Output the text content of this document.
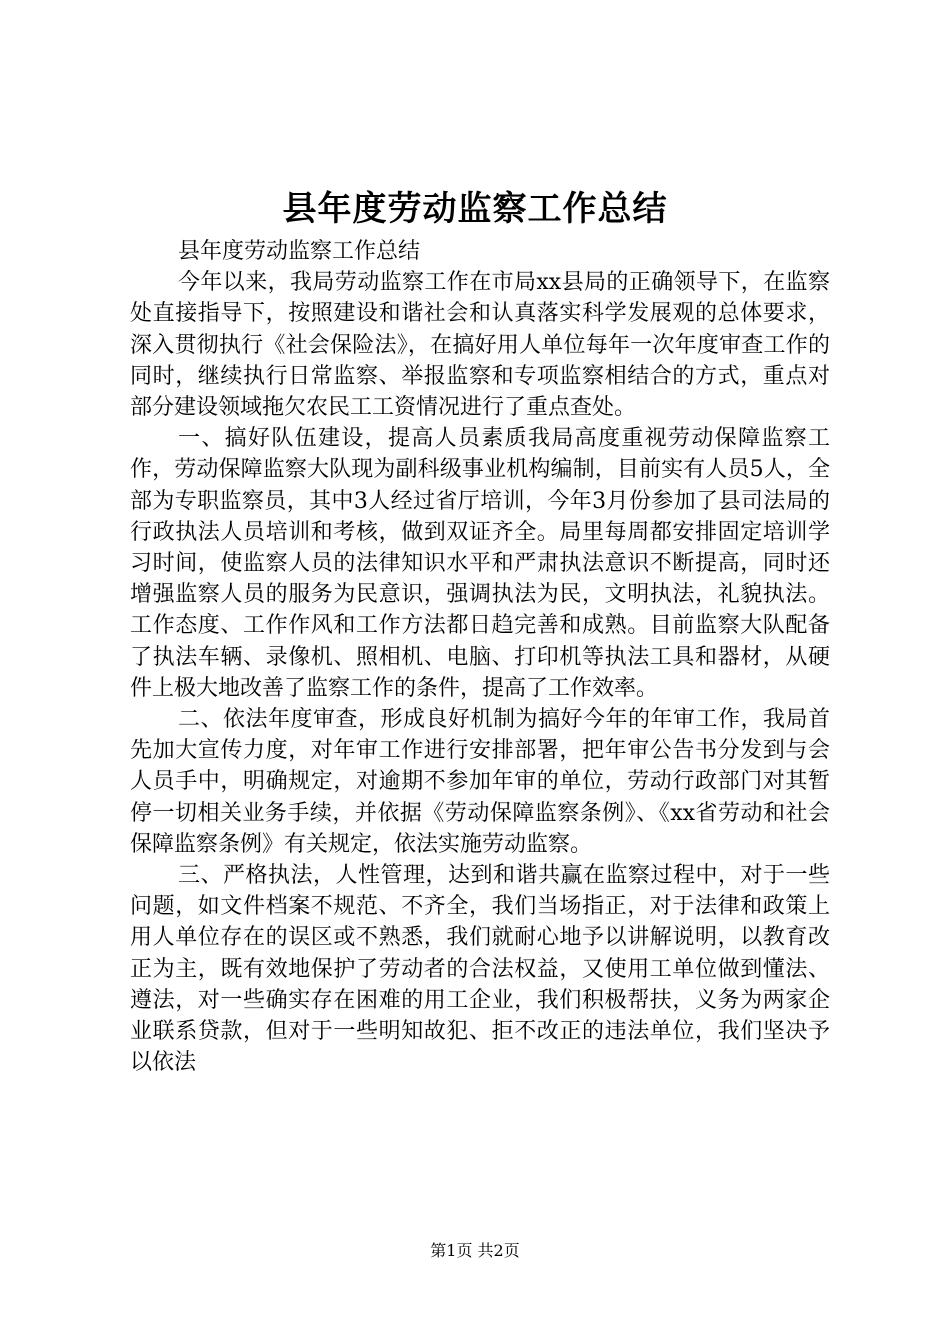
县年度劳动监察工作总结

县年度劳动监察工作总结

今年以来，我局劳动监察工作在市局xx县局的正确领导下，在监察处直接指导下，按照建设和谐社会和认真落实科学发展观的总体要求，深入贯彻执行《社会保险法》，在搞好用人单位每年一次年度审查工作的同时，继续执行日常监察、举报监察和专项监察相结合的方式，重点对部分建设领域拖欠农民工工资情况进行了重点查处。

一、搞好队伍建设，提高人员素质我局高度重视劳动保障监察工作，劳动保障监察大队现为副科级事业机构编制，目前实有人员5人，全部为专职监察员，其中3人经过省厅培训，今年3月份参加了县司法局的行政执法人员培训和考核，做到双证齐全。局里每周都安排固定培训学习时间，使监察人员的法律知识水平和严肃执法意识不断提高，同时还增强监察人员的服务为民意识，强调执法为民，文明执法，礼貌执法。工作态度、工作作风和工作方法都日趋完善和成熟。目前监察大队配备了执法车辆、录像机、照相机、电脑、打印机等执法工具和器材，从硬件上极大地改善了监察工作的条件，提高了工作效率。

二、依法年度审查，形成良好机制为搞好今年的年审工作，我局首先加大宣传力度，对年审工作进行安排部署，把年审公告书分发到与会人员手中，明确规定，对逾期不参加年审的单位，劳动行政部门对其暂停一切相关业务手续，并依据《劳动保障监察条例》、《xx省劳动和社会保障监察条例》有关规定，依法实施劳动监察。

三、严格执法，人性管理，达到和谐共赢在监察过程中，对于一些问题，如文件档案不规范、不齐全，我们当场指正，对于法律和政策上用人单位存在的误区或不熟悉，我们就耐心地予以讲解说明，以教育改正为主，既有效地保护了劳动者的合法权益，又使用工单位做到懂法、遵法，对一些确实存在困难的用工企业，我们积极帮扶，义务为两家企业联系贷款，但对于一些明知故犯、拒不改正的违法单位，我们坚决予以依法

第1页 共2页
